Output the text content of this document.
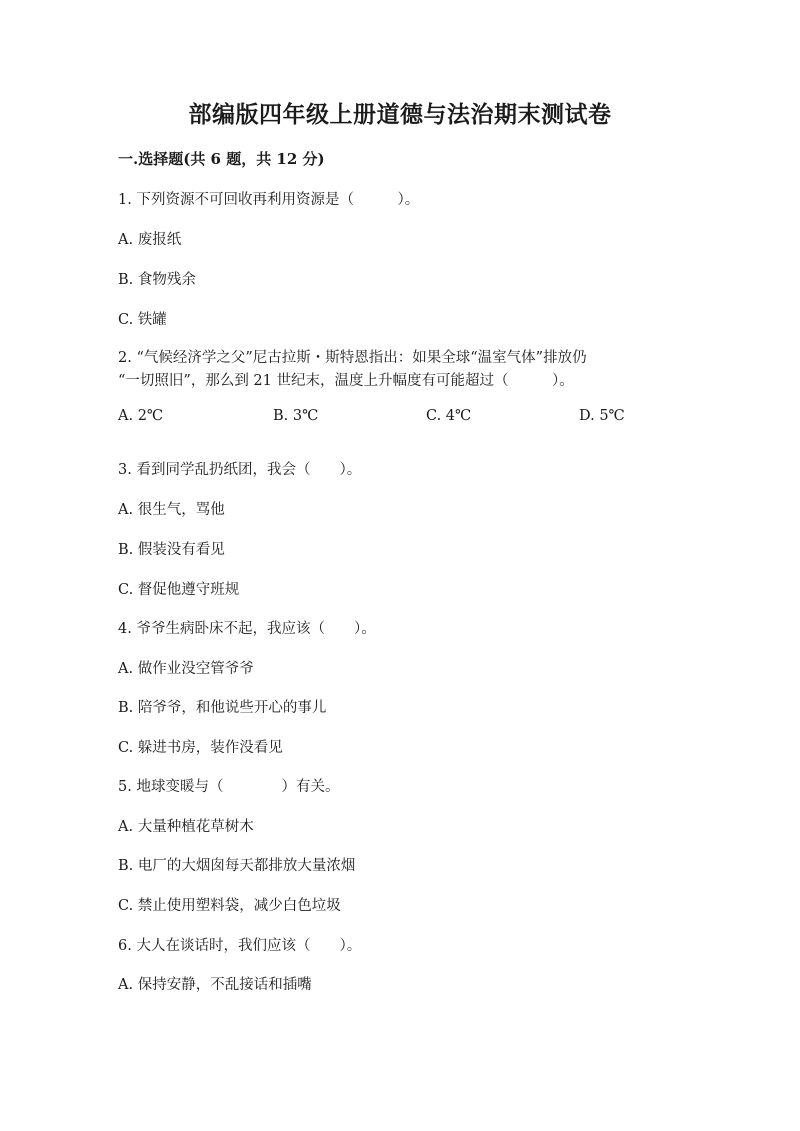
部编版四年级上册道德与法治期末测试卷
一.选择题(共 6 题，共 12 分)
1. 下列资源不可回收再利用资源是（　　　）。
A. 废报纸
B. 食物残余
C. 铁罐
2. “气候经济学之父”尼古拉斯・斯特恩指出：如果全球“温室气体”排放仍
“一切照旧”，那么到 21 世纪末，温度上升幅度有可能超过（　　　）。
A. 2℃	B. 3℃	C. 4℃	D. 5℃
3. 看到同学乱扔纸团，我会（　　）。
A. 很生气，骂他
B. 假装没有看见
C. 督促他遵守班规
4. 爷爷生病卧床不起，我应该（　　）。
A. 做作业没空管爷爷
B. 陪爷爷，和他说些开心的事儿
C. 躲进书房，装作没看见
5. 地球变暖与（　　　　）有关。
A. 大量种植花草树木
B. 电厂的大烟囱每天都排放大量浓烟
C. 禁止使用塑料袋，减少白色垃圾
6. 大人在谈话时，我们应该（　　）。
A. 保持安静，不乱接话和插嘴
